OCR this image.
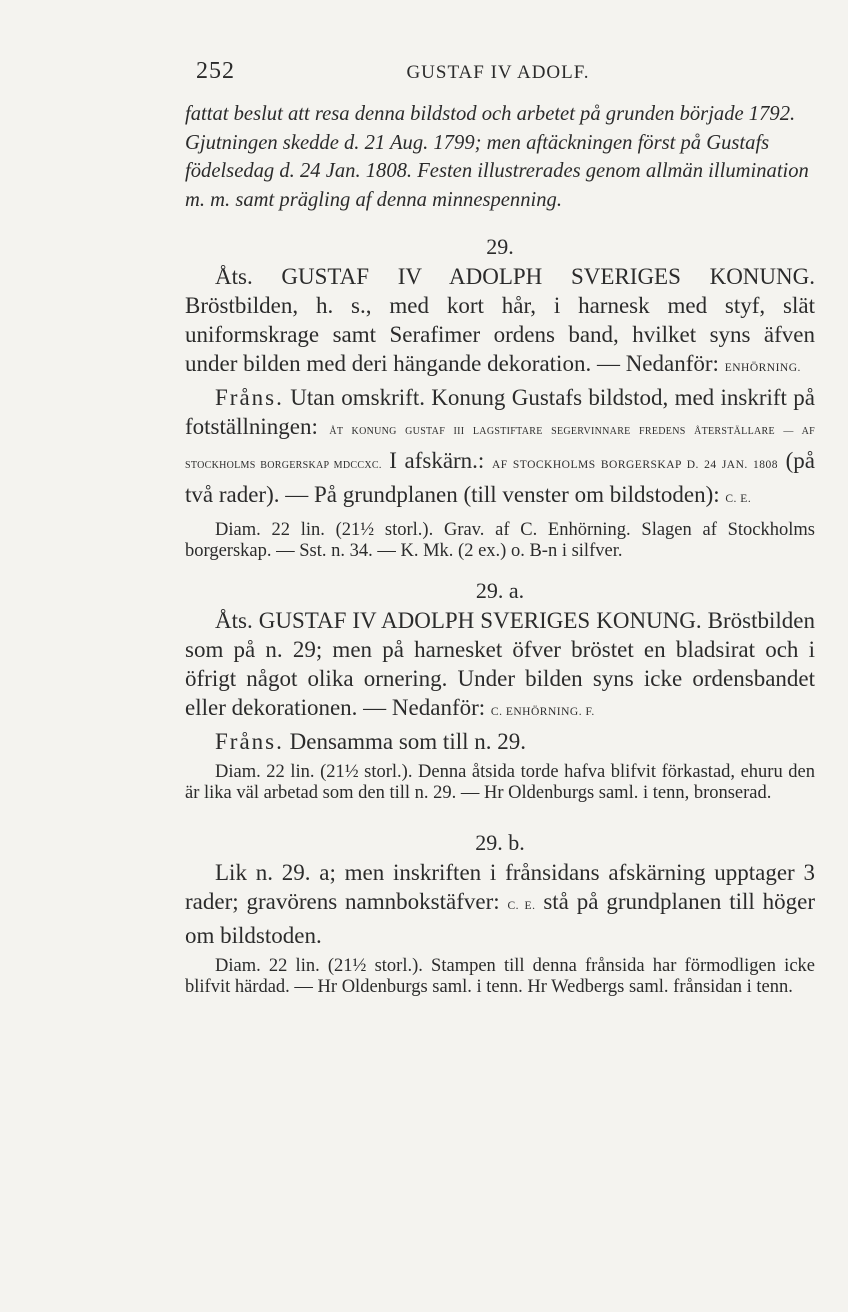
252	GUSTAF IV ADOLF.

fattat beslut att resa denna bildstod och arbetet på grunden började 1792. Gjutningen skedde d. 21 Aug. 1799; men aftäckningen först på Gustafs födelsedag d. 24 Jan. 1808. Festen illustrerades genom allmän illumination m. m. samt prägling af denna minnespenning.

29.

Åts. GUSTAF IV ADOLPH SVERIGES KONUNG. Bröstbilden, h. s., med kort hår, i harnesk med styf, slät uniformskrage samt Serafimer ordens band, hvilket syns äfven under bilden med deri hängande dekoration. — Nedanför: ENHÖRNING.

Fråns. Utan omskrift. Konung Gustafs bildstod, med inskrift på fotställningen: ÅT KONUNG GUSTAF III LAGSTIFTARE SEGERVINNARE FREDENS ÅTERSTÄLLARE — AF STOCKHOLMS BORGERSKAP MDCCXC. I afskärn.: AF STOCKHOLMS BORGERSKAP D. 24 JAN. 1808 (på två rader). — På grundplanen (till venster om bildstoden): C. E.

Diam. 22 lin. (21½ storl.). Grav. af C. Enhörning. Slagen af Stockholms borgerskap. — Sst. n. 34. — K. Mk. (2 ex.) o. B-n i silfver.

29. a.

Åts. GUSTAF IV ADOLPH SVERIGES KONUNG. Bröstbilden som på n. 29; men på harnesket öfver bröstet en bladsirat och i öfrigt något olika ornering. Under bilden syns icke ordensbandet eller dekorationen. — Nedanför: C. ENHÖRNING. F.

Fråns. Densamma som till n. 29.

Diam. 22 lin. (21½ storl.). Denna åtsida torde hafva blifvit förkastad, ehuru den är lika väl arbetad som den till n. 29. — Hr Oldenburgs saml. i tenn, bronserad.

29. b.

Lik n. 29. a; men inskriften i frånsidans afskärning upptager 3 rader; gravörens namnbokstäfver: C. E. stå på grundplanen till höger om bildstoden.

Diam. 22 lin. (21½ storl.). Stampen till denna frånsida har förmodligen icke blifvit härdad. — Hr Oldenburgs saml. i tenn. Hr Wedbergs saml. frånsidan i tenn.
